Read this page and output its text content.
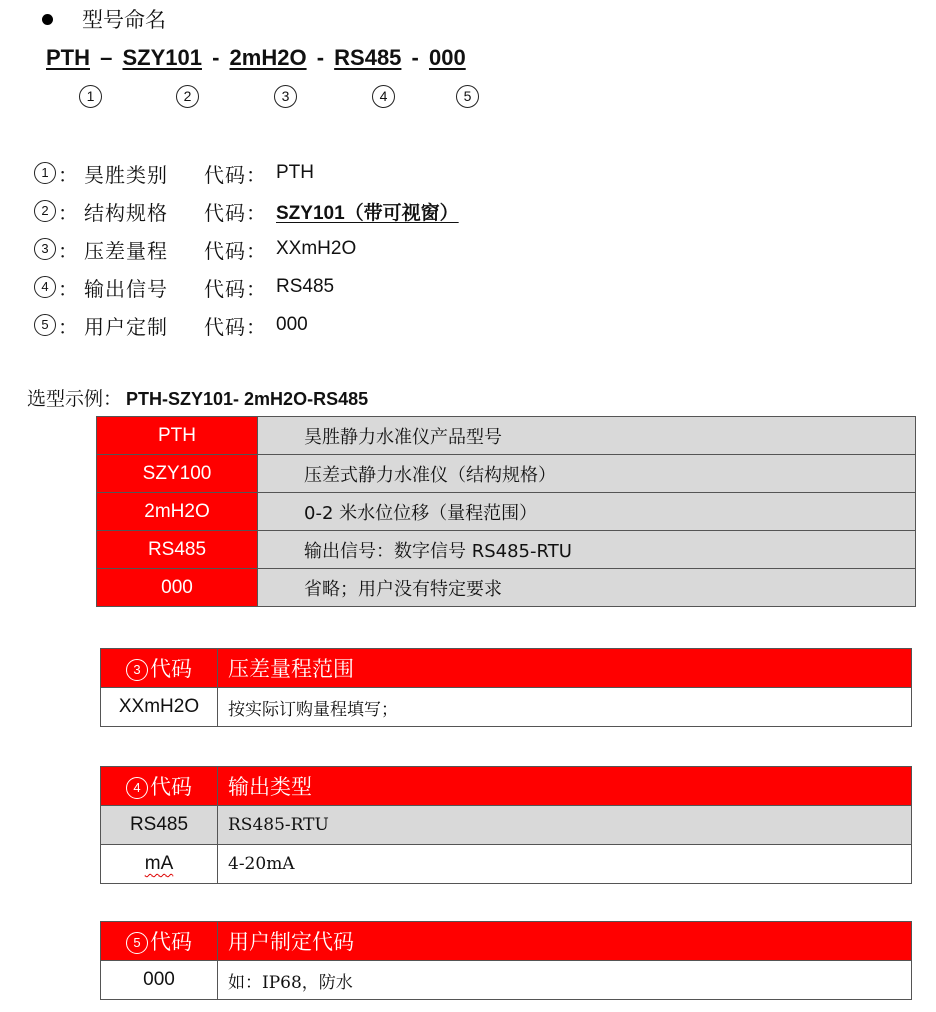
型号命名
PTH – SZY101 - 2mH2O - RS485 - 000
1	2	3	4	5
1 ： 昊胜类别	代码： PTH
2 ： 结构规格	代码： SZY101（带可视窗）
3 ： 压差量程	代码： XXmH2O
4 ： 输出信号	代码： RS485
5 ： 用户定制	代码： 000
选型示例： PTH-SZY101- 2mH2O-RS485
PTH	昊胜静力水准仪产品型号
SZY100	压差式静力水准仪（结构规格）
2mH2O	0-2 米水位位移（量程范围）
RS485	输出信号：数字信号 RS485-RTU
000	省略；用户没有特定要求
3 代码	压差量程范围
XXmH2O	按实际订购量程填写；
4 代码	输出类型
RS485	RS485-RTU
mA	4-20mA
5 代码	用户制定代码
000	如：IP68，防水
